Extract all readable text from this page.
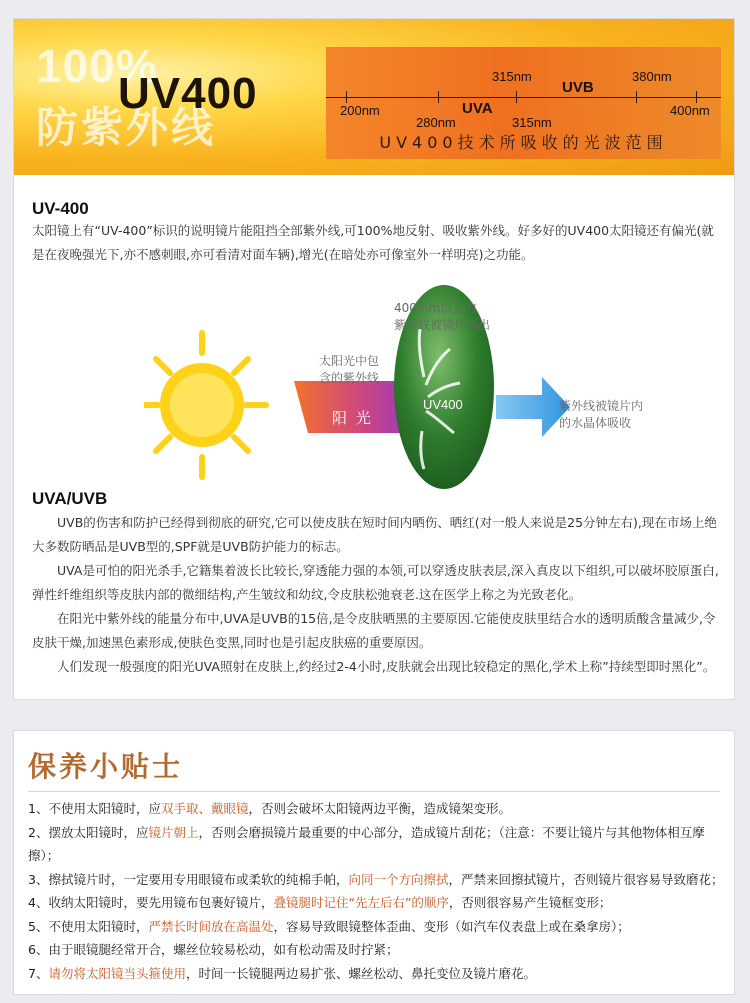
100%
防紫外线
UV400	315nm	380nm
UVB
200nm
280nm
UVA
315nm
400nm
UV400技术所吸收的光波范围
UV-400

太阳镜上有“UV-400”标识的说明镜片能阻挡全部紫外线,可100%地反射、吸收紫外线。好多好的UV400太阳镜还有偏光(就是在夜晚强光下,亦不感刺眼,亦可看清对面车辆),增光(在暗处亦可像室外一样明亮)之功能。

400mm以上的
紫外线被镜片隔出
太阳光中包
含的紫外线
阳 光
UV400	紫外线被镜片内
的水晶体吸收
UVA/UVB

UVB的伤害和防护已经得到彻底的研究,它可以使皮肤在短时间内晒伤、晒红(对一般人来说是25分钟左右),现在市场上绝大多数防晒品是UVB型的,SPF就是UVB防护能力的标志。

UVA是可怕的阳光杀手,它籍集着波长比较长,穿透能力强的本领,可以穿透皮肤表层,深入真皮以下组织,可以破坏胶原蛋白,弹性纤维组织等皮肤内部的微细结构,产生皱纹和幼纹,令皮肤松弛衰老.这在医学上称之为光致老化。

在阳光中紫外线的能量分布中,UVA是UVB的15倍,是令皮肤晒黑的主要原因.它能使皮肤里结合水的透明质酸含量减少,令皮肤干燥,加速黑色素形成,使肤色变黑,同时也是引起皮肤癌的重要原因。

人们发现一般强度的阳光UVA照射在皮肤上,约经过2-4小时,皮肤就会出现比较稳定的黑化,学术上称”持续型即时黑化”。

保养小贴士
1、不使用太阳镜时，应双手取、戴眼镜，否则会破坏太阳镜两边平衡，造成镜架变形。
2、摆放太阳镜时，应镜片朝上，否则会磨损镜片最重要的中心部分，造成镜片刮花；（注意：不要让镜片与其他物体相互摩擦）；
3、擦拭镜片时，一定要用专用眼镜布或柔软的纯棉手帕，向同一个方向擦拭，严禁来回擦拭镜片，否则镜片很容易导致磨花；
4、收纳太阳镜时，要先用镜布包裹好镜片，叠镜腿时记住“先左后右”的顺序，否则很容易产生镜框变形；
5、不使用太阳镜时，严禁长时间放在高温处，容易导致眼镜整体歪曲、变形（如汽车仪表盘上或在桑拿房）；
6、由于眼镜腿经常开合，螺丝位较易松动，如有松动需及时拧紧；
7、请勿将太阳镜当头箍使用，时间一长镜腿两边易扩张、螺丝松动、鼻托变位及镜片磨花。
